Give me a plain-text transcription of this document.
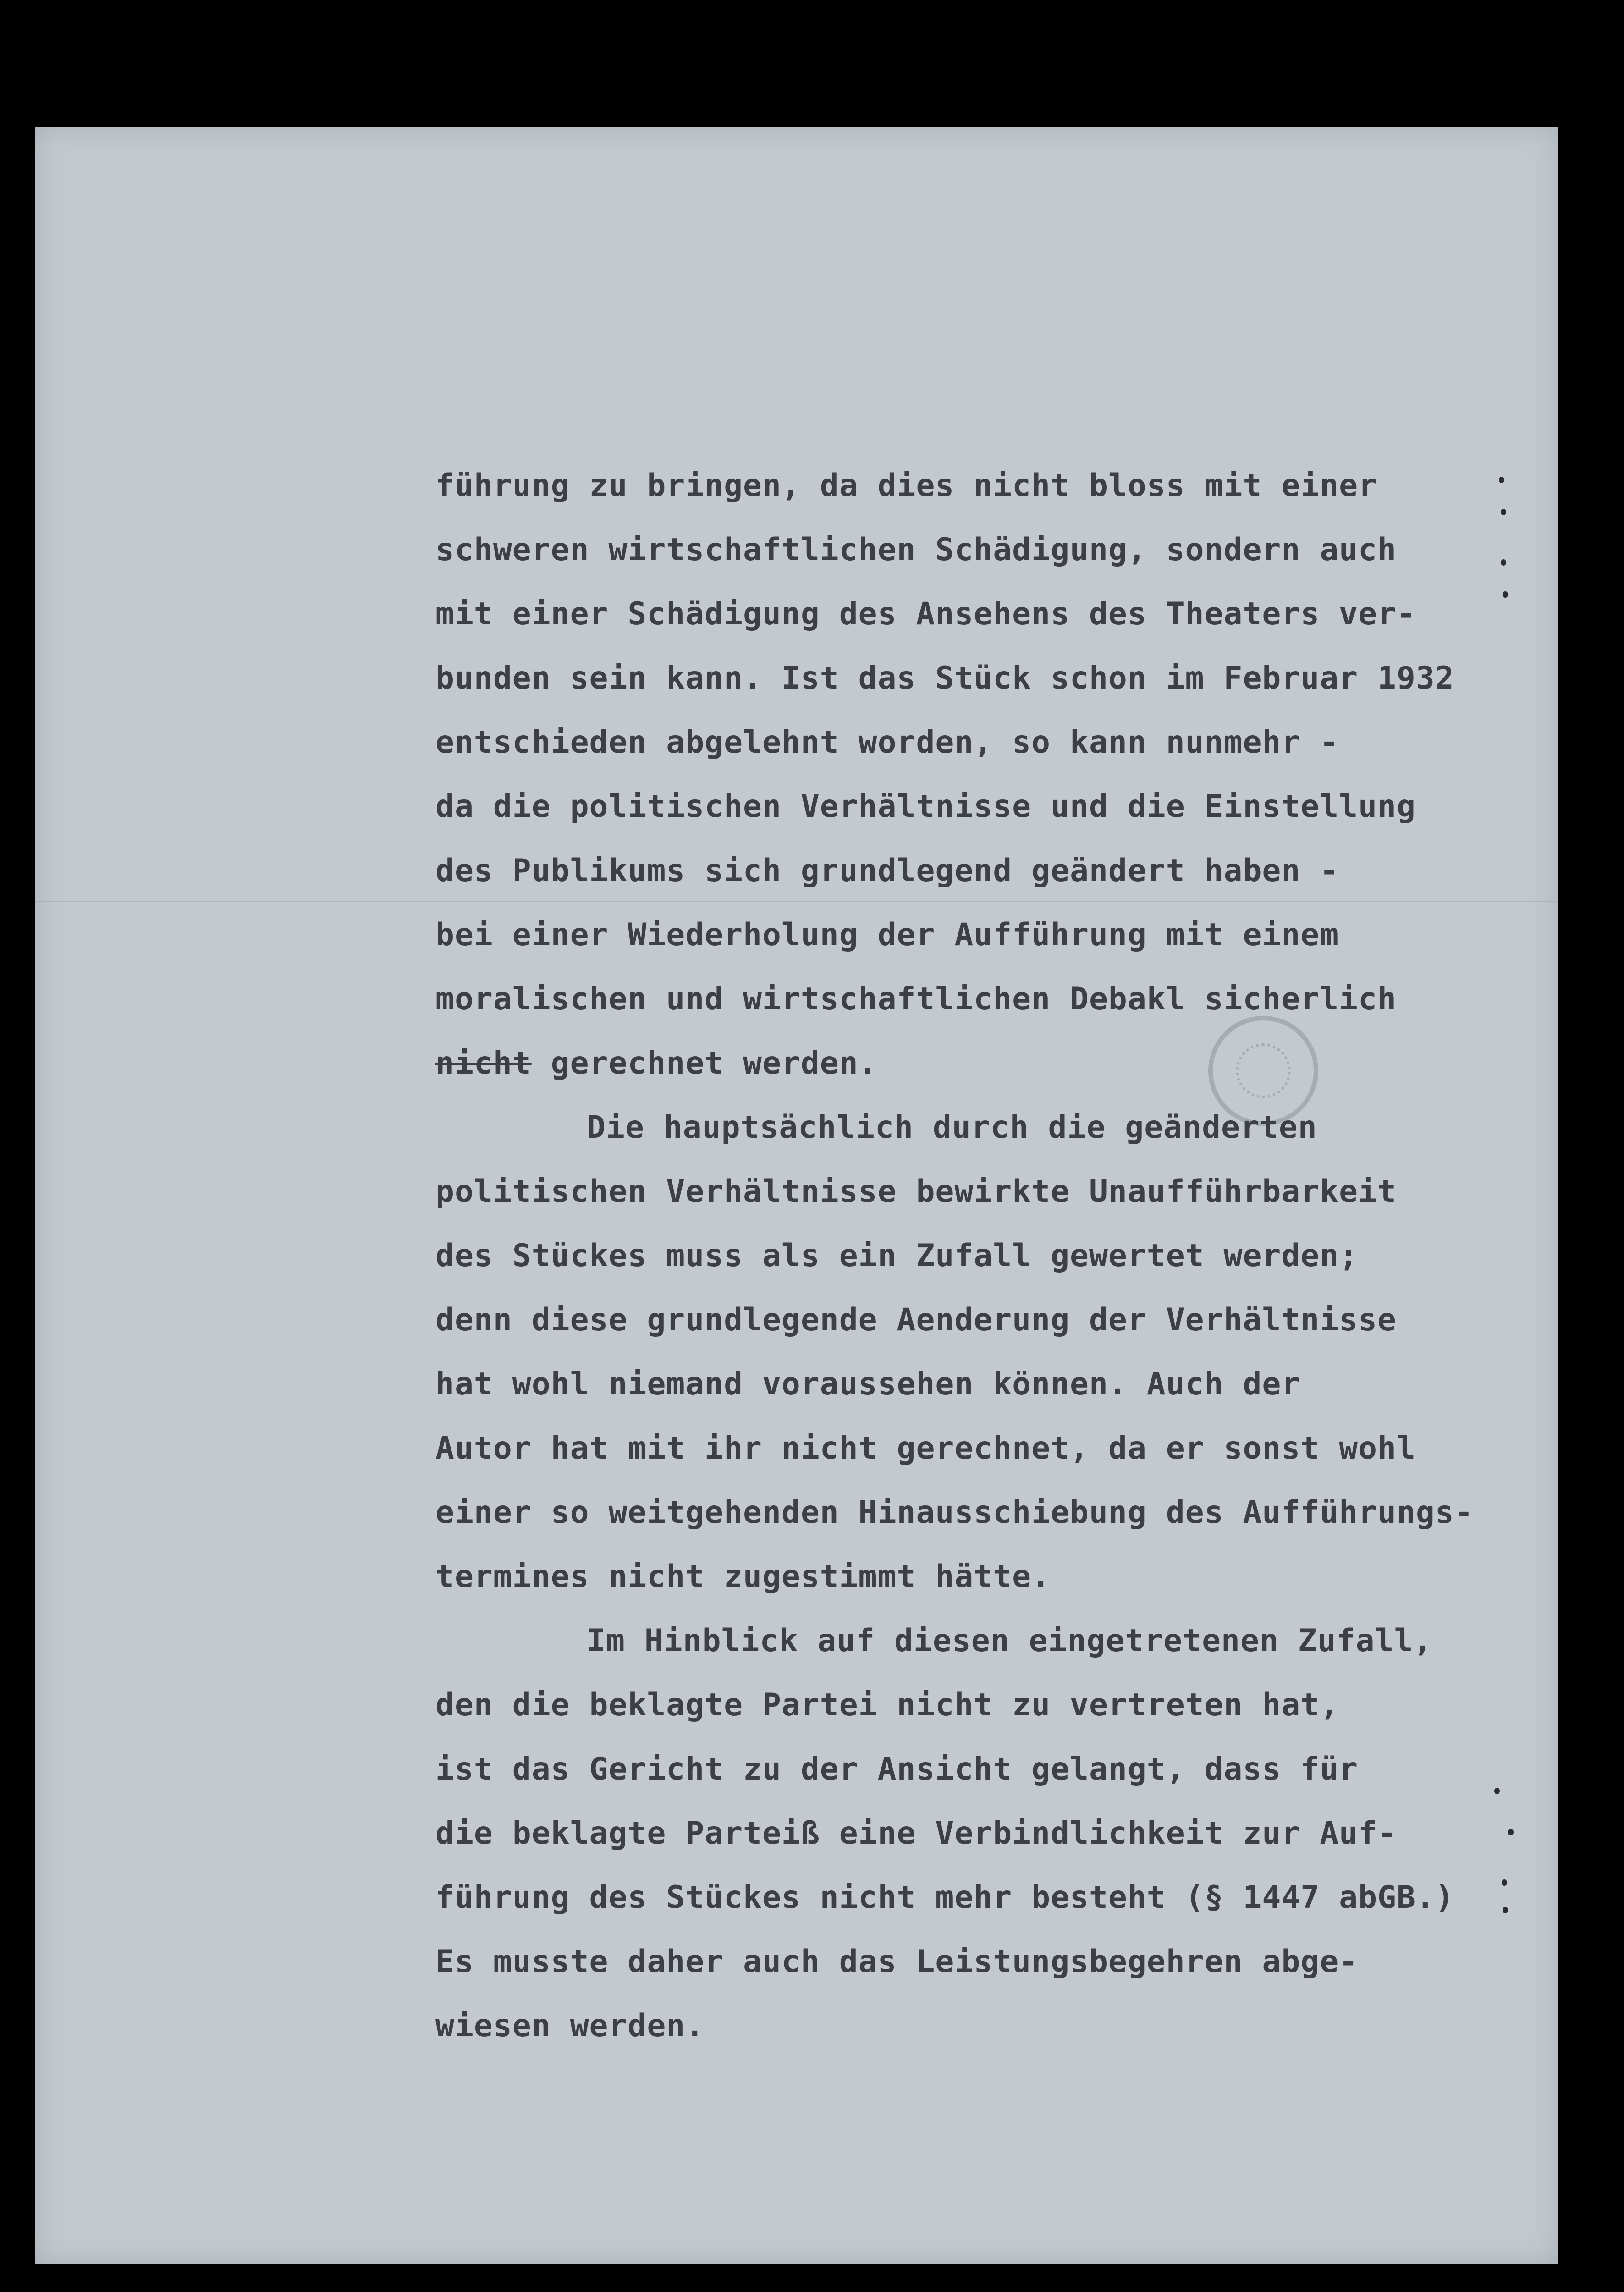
führung zu bringen, da dies nicht bloss mit einer
schweren wirtschaftlichen Schädigung, sondern auch
mit einer Schädigung des Ansehens des Theaters ver-
bunden sein kann. Ist das Stück schon im Februar 1932
entschieden abgelehnt worden, so kann nunmehr -
da die politischen Verhältnisse und die Einstellung
des Publikums sich grundlegend geändert haben -
bei einer Wiederholung der Aufführung mit einem
moralischen und wirtschaftlichen Debakl sicherlich
nicht gerechnet werden.
Die hauptsächlich durch die geänderten
politischen Verhältnisse bewirkte Unaufführbarkeit
des Stückes muss als ein Zufall gewertet werden;
denn diese grundlegende Aenderung der Verhältnisse
hat wohl niemand voraussehen können. Auch der
Autor hat mit ihr nicht gerechnet, da er sonst wohl
einer so weitgehenden Hinausschiebung des Aufführungs-
termines nicht zugestimmt hätte.
Im Hinblick auf diesen eingetretenen Zufall,
den die beklagte Partei nicht zu vertreten hat,
ist das Gericht zu der Ansicht gelangt, dass für
die beklagte Parteiß eine Verbindlichkeit zur Auf-
führung des Stückes nicht mehr besteht (§ 1447 abGB.)
Es musste daher auch das Leistungsbegehren abge-
wiesen werden.
